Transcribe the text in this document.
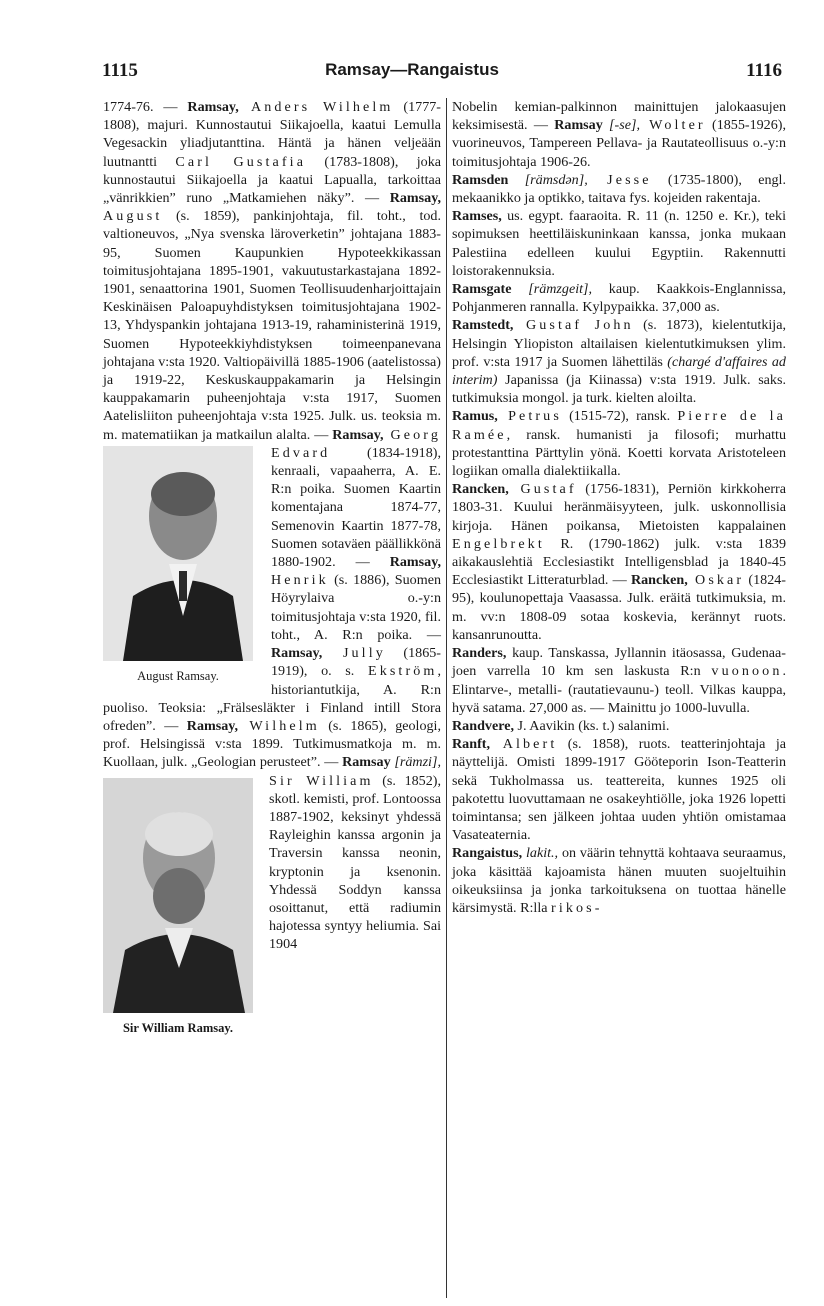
1115	Ramsay—Rangaistus	1116

1774-76. — Ramsay, Anders Wilhelm (1777-1808), majuri. Kunnostautui Siikajoella, kaatui Lemulla Vegesackin yliadjutanttina. Häntä ja hänen veljeään luutnantti Carl Gustafia (1783-1808), joka kunnostautui Siikajoella ja kaatui Lapualla, tarkoittaa „vänrikkien” runo „Matkamiehen näky”. — Ramsay, August (s. 1859), pankinjohtaja, fil. toht., tod. valtioneuvos, „Nya svenska läroverketin” johtajana 1883-95, Suomen Kaupunkien Hypoteekkikassan toimitusjohtajana 1895-1901, vakuutustarkastajana 1892-1901, senaattorina 1901, Suomen Teollisuudenharjoittajain Keskinäisen Paloapuyhdistyksen toimitusjohtajana 1902-13, Yhdyspankin johtajana 1913-19, rahaministerinä 1919, Suomen Hypoteekkiyhdistyksen toimeenpanevana johtajana v:sta 1920. Valtiopäivillä 1885-1906 (aatelistossa) ja 1919-22, Keskuskauppakamarin ja Helsingin kauppakamarin puheenjohtaja v:sta 1917, Suomen Aatelisliiton puheenjohtaja v:sta 1925. Julk. us. teoksia m. m. matematiikan ja matkailun alalta. —
August Ramsay.
Ramsay, Georg Edvard (1834-1918), kenraali, vapaaherra, A. E. R:n poika. Suomen Kaartin komentajana 1874-77, Semenovin Kaartin 1877-78, Suomen sotaväen päällikkönä 1880-1902. — Ramsay, Henrik (s. 1886), Suomen Höyrylaiva o.-y:n toimitusjohtaja v:sta 1920, fil. toht., A. R:n poika. — Ramsay, Jully (1865-1919), o. s. Ekström, historiantutkija, A. R:n puoliso. Teoksia: „Frälsesläkter i Finland intill Stora ofreden”. — Ramsay, Wilhelm (s. 1865), geologi, prof. Helsingissä v:sta 1899. Tutkimusmatkoja m. m. Kuollaan, julk. „Geologian perusteet”. —
Sir William Ramsay.
Ramsay [rämzi], Sir William (s. 1852), skotl. kemisti, prof. Lontoossa 1887-1902, keksinyt yhdessä Rayleighin kanssa argonin ja Traversin kanssa neonin, kryptonin ja ksenonin. Yhdessä Soddyn kanssa osoittanut, että radiumin hajotessa syntyy heliumia. Sai 1904

Nobelin kemian-palkinnon mainittujen jalokaasujen keksimisestä. — Ramsay [-se], Wolter (1855-1926), vuorineuvos, Tampereen Pellava- ja Rautateollisuus o.-y:n toimitusjohtaja 1906-26.

Ramsden [rämsdən], Jesse (1735-1800), engl. mekaanikko ja optikko, taitava fys. kojeiden rakentaja.

Ramses, us. egypt. faaraoita. R. 11 (n. 1250 e. Kr.), teki sopimuksen heettiläiskuninkaan kanssa, jonka mukaan Palestiina edelleen kuului Egyptiin. Rakennutti loistorakennuksia.

Ramsgate [rämzgeit], kaup. Kaakkois-Englannissa, Pohjanmeren rannalla. Kylpypaikka. 37,000 as.

Ramstedt, Gustaf John (s. 1873), kielentutkija, Helsingin Yliopiston altailaisen kielentutkimuksen ylim. prof. v:sta 1917 ja Suomen lähettiläs (chargé d'affaires ad interim) Japanissa (ja Kiinassa) v:sta 1919. Julk. saks. tutkimuksia mongol. ja turk. kielten aloilta.

Ramus, Petrus (1515-72), ransk. Pierre de la Ramée, ransk. humanisti ja filosofi; murhattu protestanttina Pärttylin yönä. Koetti korvata Aristoteleen logiikan omalla dialektiikalla.

Rancken, Gustaf (1756-1831), Perniön kirkkoherra 1803-31. Kuului heränmäisyyteen, julk. uskonnollisia kirjoja. Hänen poikansa, Mietoisten kappalainen Engelbrekt R. (1790-1862) julk. v:sta 1839 aikakauslehtiä Ecclesiastikt Intelligensblad ja 1840-45 Ecclesiastikt Litteraturblad. — Rancken, Oskar (1824-95), koulunopettaja Vaasassa. Julk. eräitä tutkimuksia, m. m. vv:n 1808-09 sotaa koskevia, kerännyt ruots. kansanrunoutta.

Randers, kaup. Tanskassa, Jyllannin itäosassa, Gudenaa-joen varrella 10 km sen laskusta R:n vuonoon. Elintarve-, metalli- (rautatievaunu-) teoll. Vilkas kauppa, hyvä satama. 27,000 as. — Mainittu jo 1000-luvulla.

Randvere, J. Aavikin (ks. t.) salanimi.

Ranft, Albert (s. 1858), ruots. teatterinjohtaja ja näyttelijä. Omisti 1899-1917 Gööteporin Ison-Teatterin sekä Tukholmassa us. teattereita, kunnes 1925 oli pakotettu luovuttamaan ne osakeyhtiölle, joka 1926 lopetti toimintansa; sen jälkeen johtaa uuden yhtiön omistamaa Vasateaternia.

Rangaistus, lakit., on väärin tehnyttä kohtaava seuraamus, joka käsittää kajoamista hänen muuten suojeltuihin oikeuksiinsa ja jonka tarkoituksena on tuottaa hänelle kärsimystä. R:lla rikos-
